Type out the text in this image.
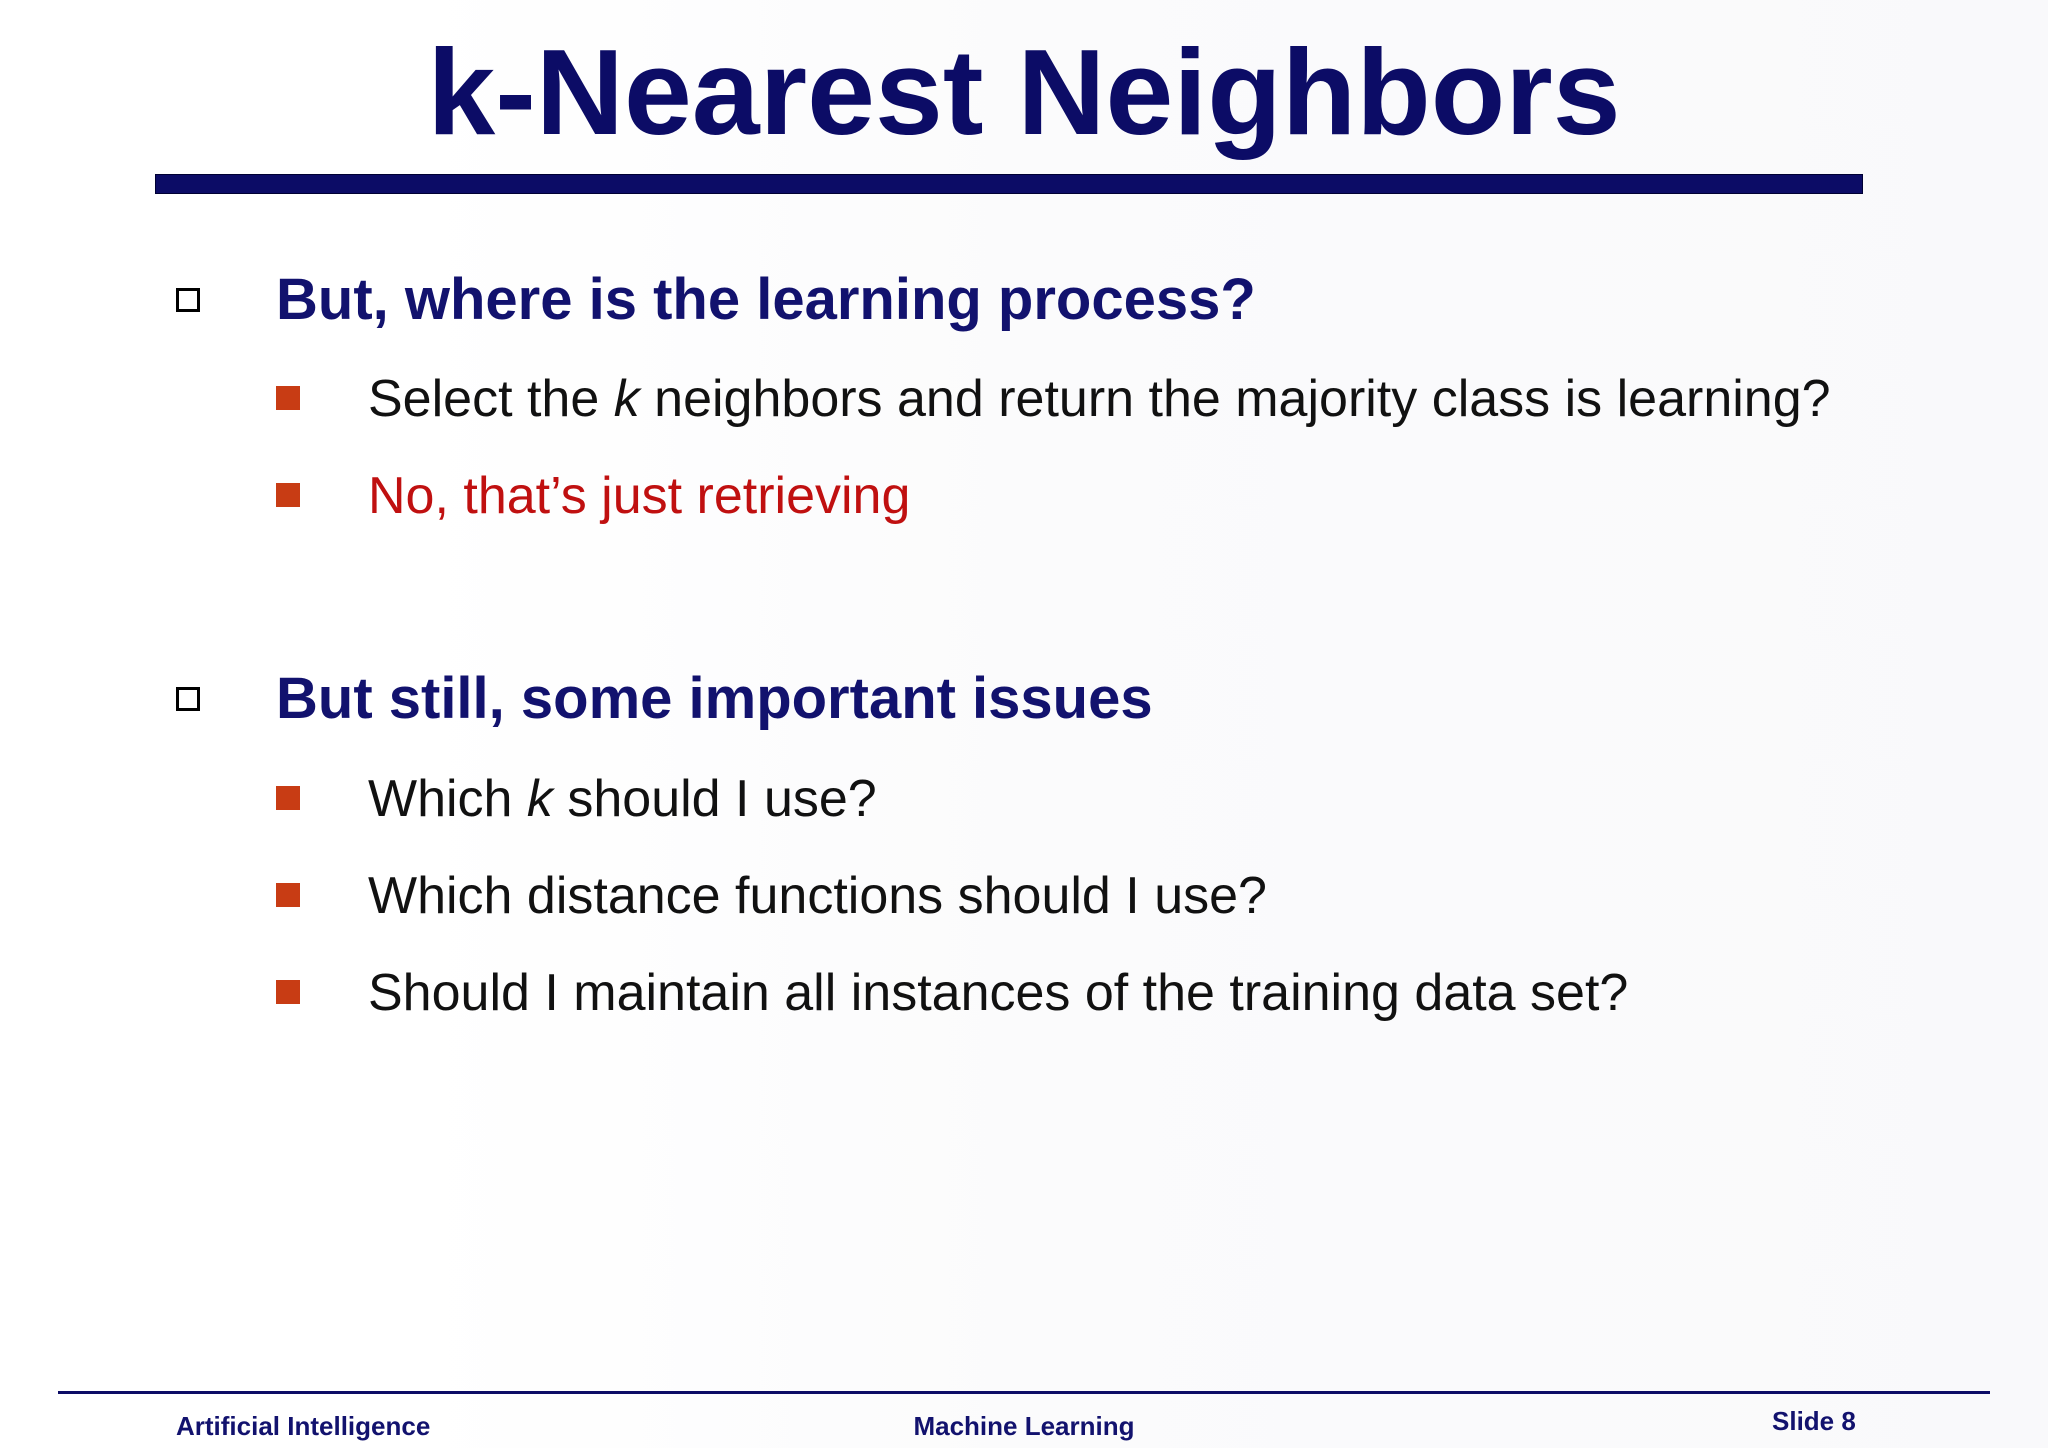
k-Nearest Neighbors
But, where is the learning process?
Select the k neighbors and return the majority class is learning?
No, that’s just retrieving
But still, some important issues
Which k should I use?
Which distance functions should I use?
Should I maintain all instances of the training data set?
Artificial Intelligence	Machine Learning	Slide 8
